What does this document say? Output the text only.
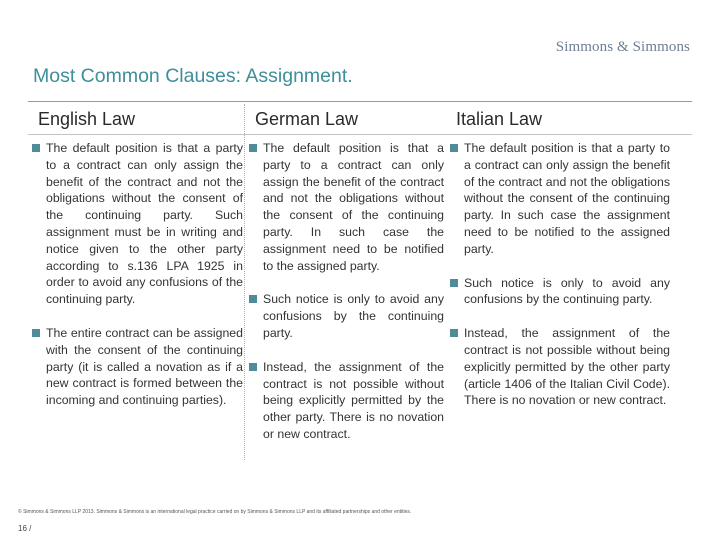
Simmons & Simmons
Most Common Clauses: Assignment.
English Law
The default position is that a party to a contract can only assign the benefit of the contract and not the obligations without the consent of the continuing party. Such assignment must be in writing and notice given to the other party according to s.136 LPA 1925 in order to avoid any confusions of the continuing party.
The entire contract can be assigned with the consent of the continuing party (it is called a novation as if a new contract is formed between the incoming and continuing parties).
German Law
The default position is that a party to a contract can only assign the benefit of the contract and not the obligations without the consent of the continuing party. In such case the assignment need to be notified to the assigned party.
Such notice is only to avoid any confusions by the continuing party.
Instead, the assignment of the contract is not possible without being explicitly permitted by the other party. There is no novation or new contract.
Italian Law
The default position is that a party to a contract can only assign the benefit of the contract and not the obligations without the consent of the continuing party. In such case the assignment need to be notified to the assigned party.
Such notice is only to avoid any confusions by the continuing party.
Instead, the assignment of the contract is not possible without being explicitly permitted by the other party (article 1406 of the Italian Civil Code). There is no novation or new contract.
© Simmons & Simmons LLP 2013. Simmons & Simmons is an international legal practice carried on by Simmons & Simmons LLP and its affiliated partnerships and other entities.
16 /
